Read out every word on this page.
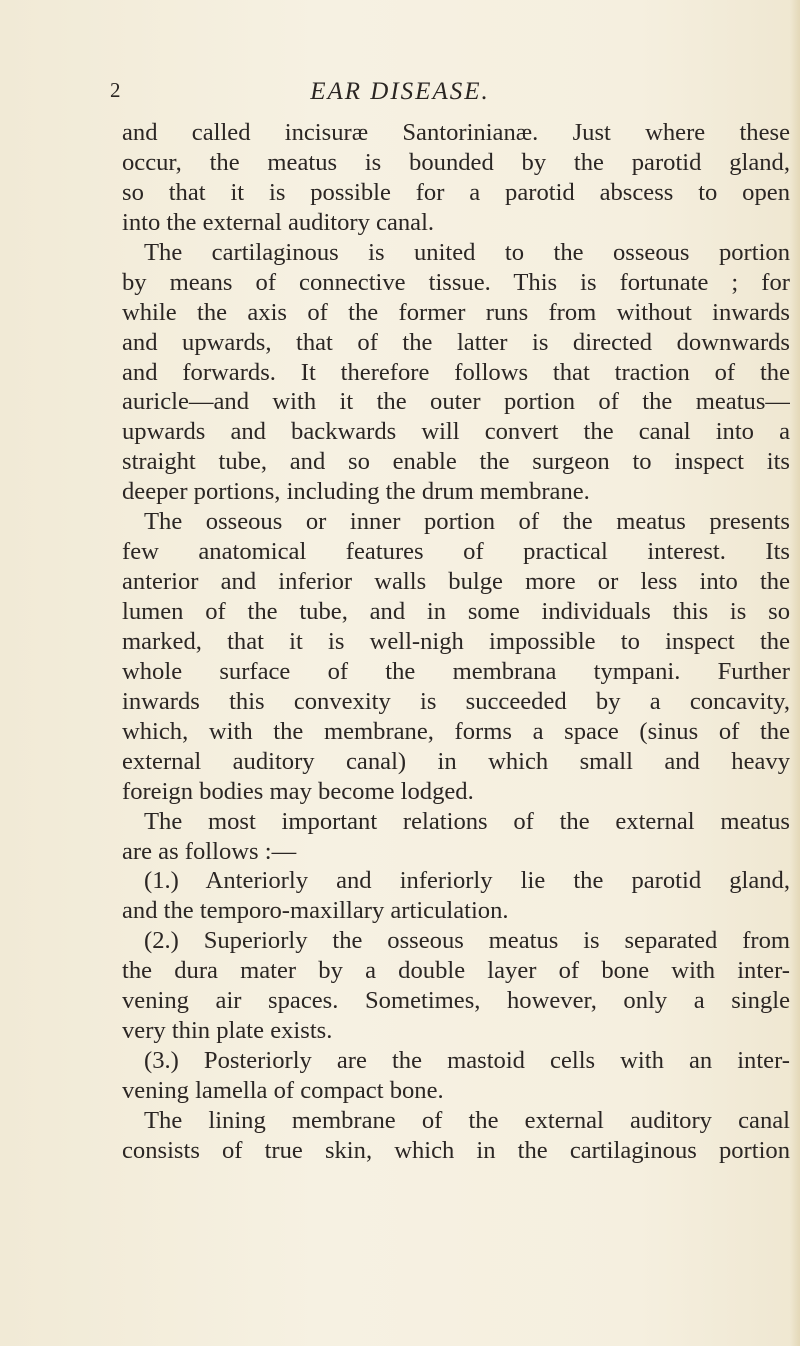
2	EAR DISEASE.
and called incisuræ Santorinianæ. Just where these
occur, the meatus is bounded by the parotid gland,
so that it is possible for a parotid abscess to open
into the external auditory canal.
The cartilaginous is united to the osseous portion
by means of connective tissue. This is fortunate ; for
while the axis of the former runs from without inwards
and upwards, that of the latter is directed downwards
and forwards. It therefore follows that traction of the
auricle—and with it the outer portion of the meatus—
upwards and backwards will convert the canal into a
straight tube, and so enable the surgeon to inspect its
deeper portions, including the drum membrane.
The osseous or inner portion of the meatus presents
few anatomical features of practical interest. Its
anterior and inferior walls bulge more or less into the
lumen of the tube, and in some individuals this is so
marked, that it is well-nigh impossible to inspect the
whole surface of the membrana tympani. Further
inwards this convexity is succeeded by a concavity,
which, with the membrane, forms a space (sinus of the
external auditory canal) in which small and heavy
foreign bodies may become lodged.
The most important relations of the external meatus
are as follows :—
(1.) Anteriorly and inferiorly lie the parotid gland,
and the temporo-maxillary articulation.
(2.) Superiorly the osseous meatus is separated from
the dura mater by a double layer of bone with inter-
vening air spaces. Sometimes, however, only a single
very thin plate exists.
(3.) Posteriorly are the mastoid cells with an inter-
vening lamella of compact bone.
The lining membrane of the external auditory canal
consists of true skin, which in the cartilaginous portion
